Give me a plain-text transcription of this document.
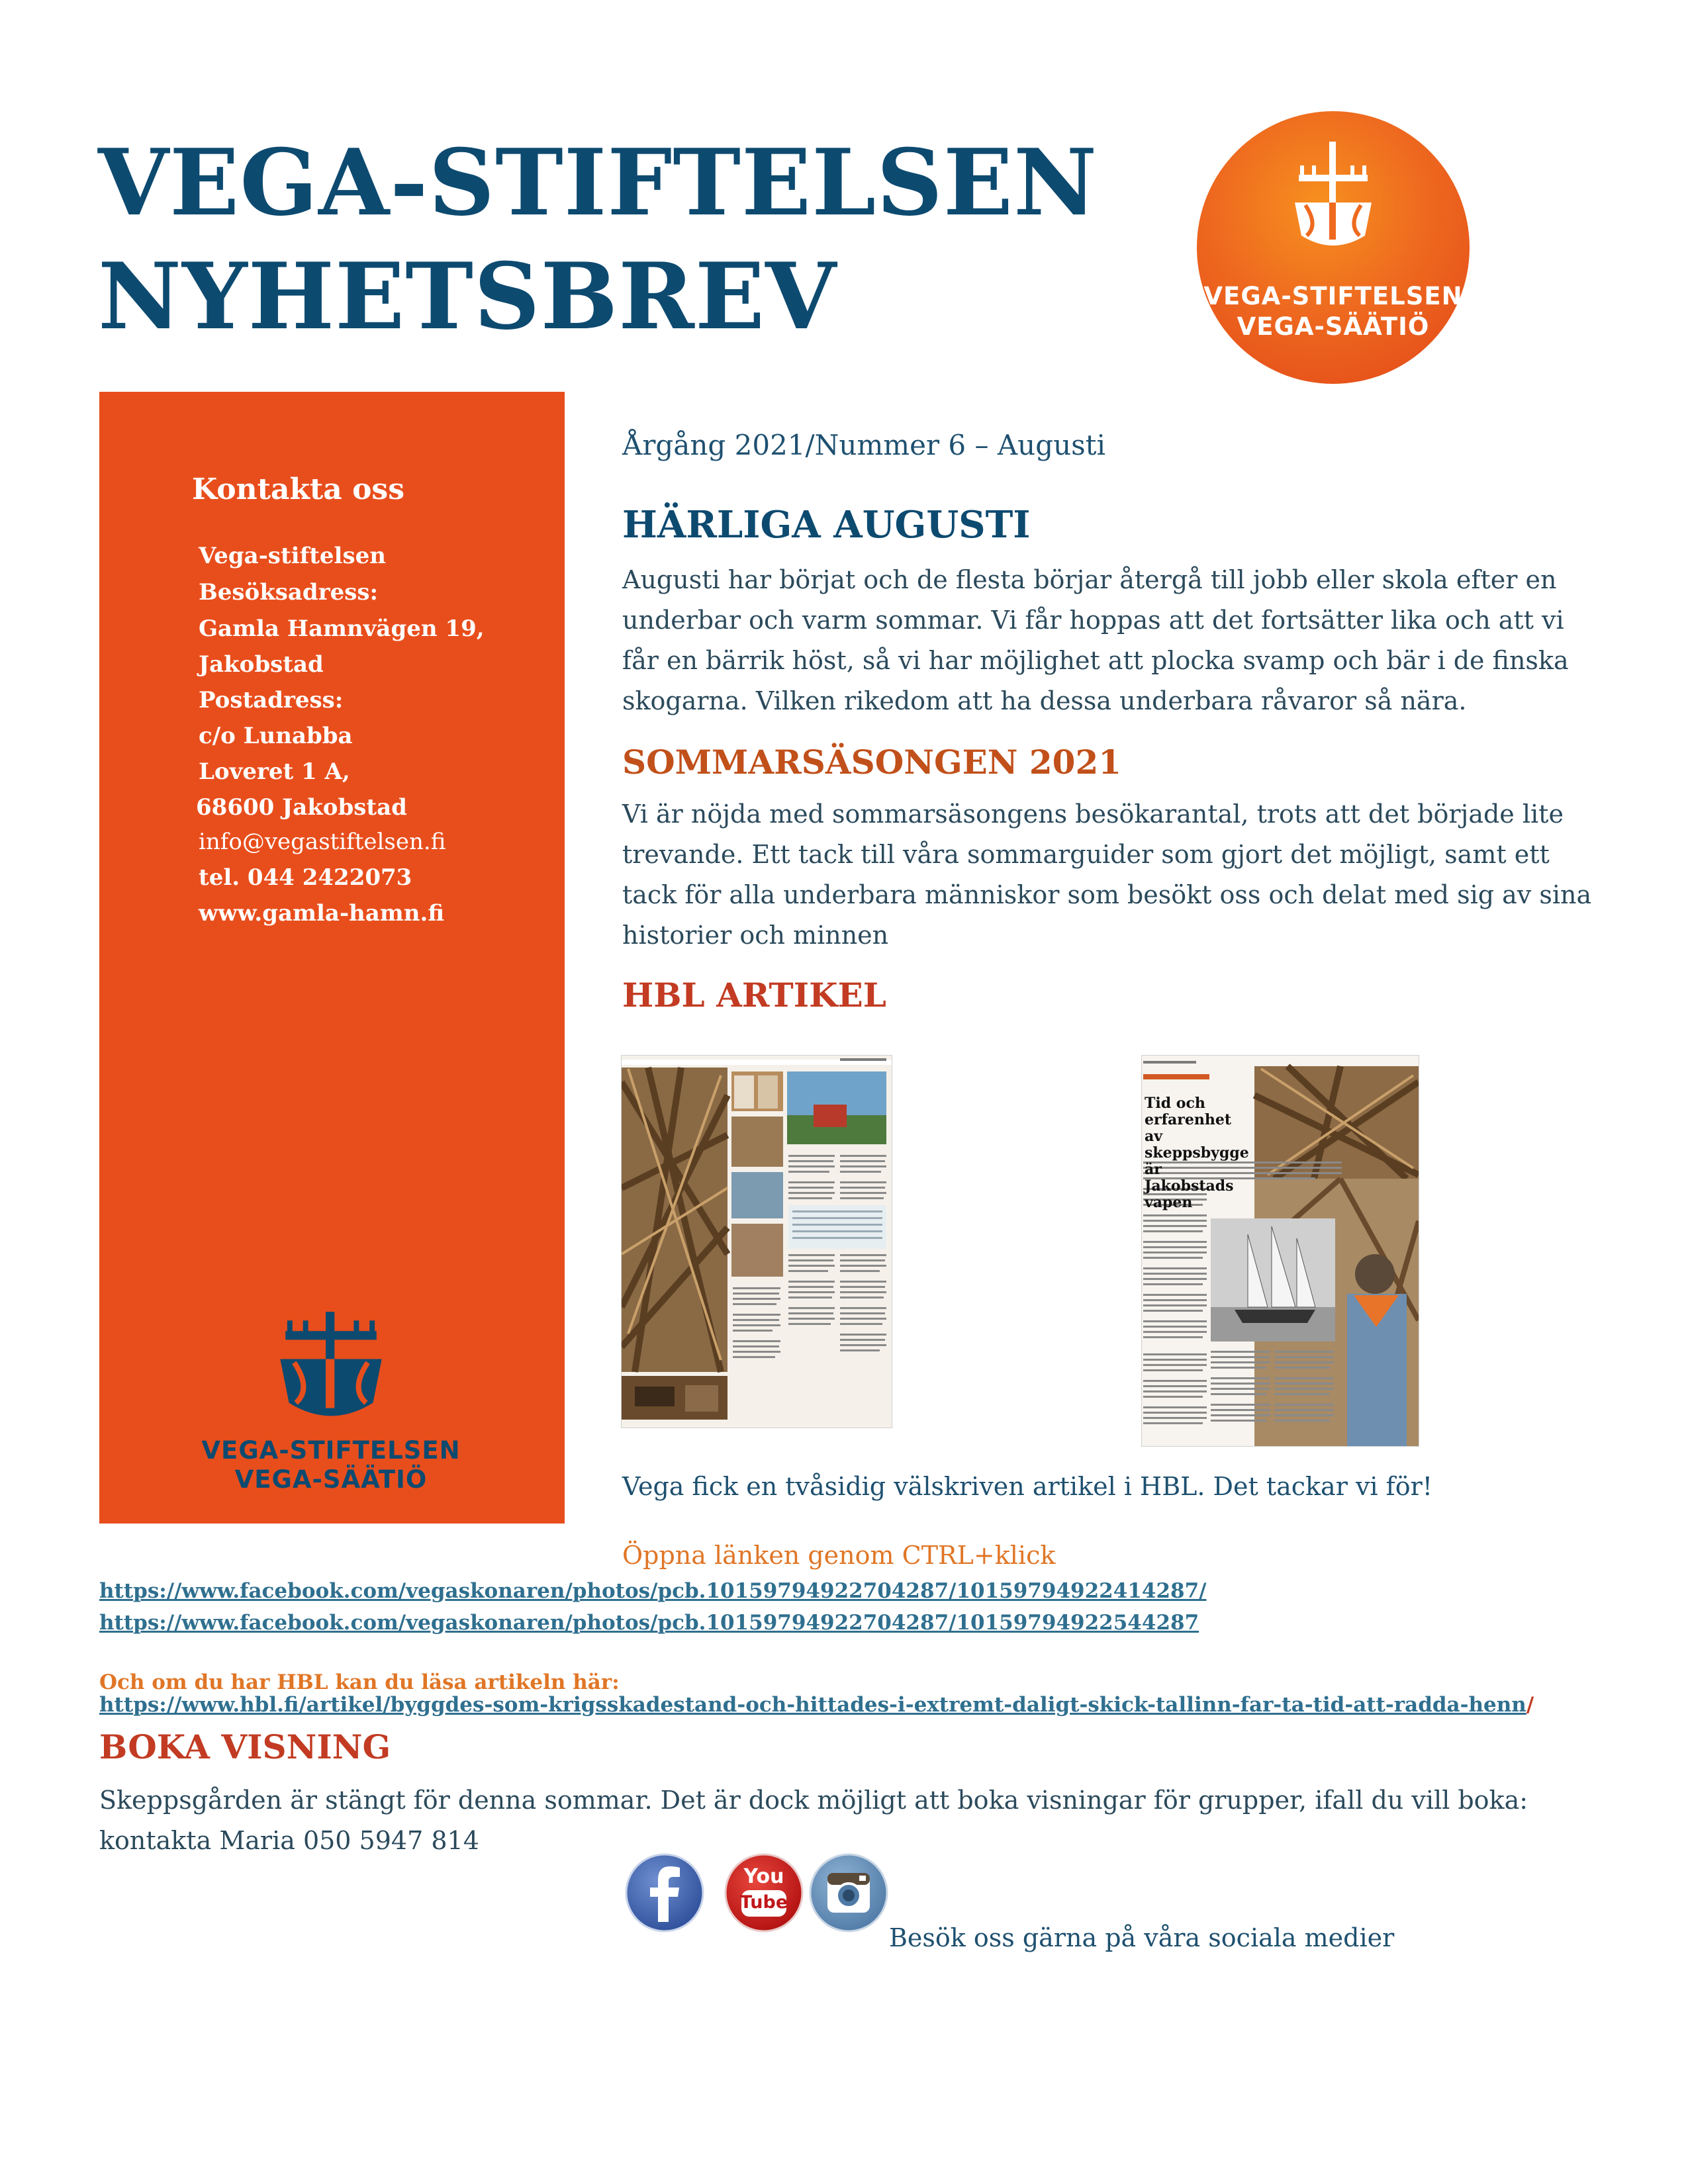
VEGA-STIFTELSEN
NYHETSBREV	VEGA-STIFTELSEN
VEGA-SÄÄTIÖ
Kontakta oss
Vega-stiftelsen
Besöksadress:
Gamla Hamnvägen 19,
Jakobstad
Postadress:
c/o Lunabba
Loveret 1 A,
68600 Jakobstad
info@vegastiftelsen.fi
tel. 044 2422073
www.gamla-hamn.fi
VEGA-STIFTELSEN
VEGA-SÄÄTIÖ
Årgång 2021/Nummer 6 – Augusti
HÄRLIGA AUGUSTI
Augusti har börjat och de flesta börjar återgå till jobb eller skola efter en underbar och varm sommar. Vi får hoppas att det fortsätter lika och att vi får en bärrik höst, så vi har möjlighet att plocka svamp och bär i de finska skogarna. Vilken rikedom att ha dessa underbara råvaror så nära.
SOMMARSÄSONGEN 2021
Vi är nöjda med sommarsäsongens besökarantal, trots att det började lite trevande. Ett tack till våra sommarguider som gjort det möjligt, samt ett tack för alla underbara människor som besökt oss och delat med sig av sina historier och minnen
HBL ARTIKEL
Tid och erfarenhet av skeppsbygge är Jakobstads vapen
Vega fick en tvåsidig välskriven artikel i HBL. Det tackar vi för!
Öppna länken genom CTRL+klick
https://www.facebook.com/vegaskonaren/photos/pcb.10159794922704287/10159794922414287/
https://www.facebook.com/vegaskonaren/photos/pcb.10159794922704287/10159794922544287
Och om du har HBL kan du läsa artikeln här:
https://www.hbl.fi/artikel/byggdes-som-krigsskadestand-och-hittades-i-extremt-daligt-skick-tallinn-far-ta-tid-att-radda-henn/
BOKA VISNING
Skeppsgården är stängt för denna sommar. Det är dock möjligt att boka visningar för grupper, ifall du vill boka: kontakta Maria 050 5947 814
You
Tube
Besök oss gärna på våra sociala medier
